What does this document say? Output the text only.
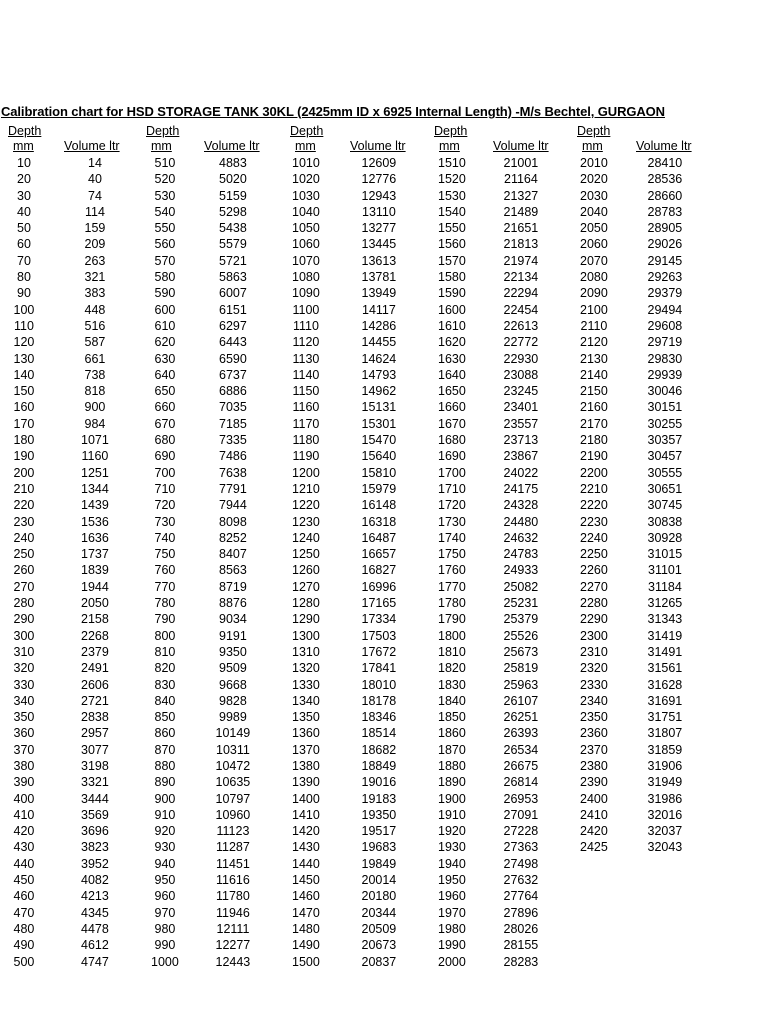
Calibration chart for HSD STORAGE TANK 30KL (2425mm ID x 6925 Internal Length) -M/s Bechtel, GURGAON
Depth
mm Volume ltr
10	14
20	40
30	74
40	114
50	159
60	209
70	263
80	321
90	383
100	448
110	516
120	587
130	661
140	738
150	818
160	900
170	984
180	1071
190	1160
200	1251
210	1344
220	1439
230	1536
240	1636
250	1737
260	1839
270	1944
280	2050
290	2158
300	2268
310	2379
320	2491
330	2606
340	2721
350	2838
360	2957
370	3077
380	3198
390	3321
400	3444
410	3569
420	3696
430	3823
440	3952
450	4082
460	4213
470	4345
480	4478
490	4612
500	4747
Depth
mm	Volume ltr
510	4883
520	5020
530	5159
540	5298
550	5438
560	5579
570	5721
580	5863
590	6007
600	6151
610	6297
620	6443
630	6590
640	6737
650	6886
660	7035
670	7185
680	7335
690	7486
700	7638
710	7791
720	7944
730	8098
740	8252
750	8407
760	8563
770	8719
780	8876
790	9034
800	9191
810	9350
820	9509
830	9668
840	9828
850	9989
860	10149
870	10311
880	10472
890	10635
900	10797
910	10960
920	11123
930	11287
940	11451
950	11616
960	11780
970	11946
980	12111
990	12277
1000	12443
Depth
mm	Volume ltr
1010	12609
1020	12776
1030	12943
1040	13110
1050	13277
1060	13445
1070	13613
1080	13781
1090	13949
1100	14117
1110	14286
1120	14455
1130	14624
1140	14793
1150	14962
1160	15131
1170	15301
1180	15470
1190	15640
1200	15810
1210	15979
1220	16148
1230	16318
1240	16487
1250	16657
1260	16827
1270	16996
1280	17165
1290	17334
1300	17503
1310	17672
1320	17841
1330	18010
1340	18178
1350	18346
1360	18514
1370	18682
1380	18849
1390	19016
1400	19183
1410	19350
1420	19517
1430	19683
1440	19849
1450	20014
1460	20180
1470	20344
1480	20509
1490	20673
1500	20837
Depth
mm	Volume ltr
1510	21001
1520	21164
1530	21327
1540	21489
1550	21651
1560	21813
1570	21974
1580	22134
1590	22294
1600	22454
1610	22613
1620	22772
1630	22930
1640	23088
1650	23245
1660	23401
1670	23557
1680	23713
1690	23867
1700	24022
1710	24175
1720	24328
1730	24480
1740	24632
1750	24783
1760	24933
1770	25082
1780	25231
1790	25379
1800	25526
1810	25673
1820	25819
1830	25963
1840	26107
1850	26251
1860	26393
1870	26534
1880	26675
1890	26814
1900	26953
1910	27091
1920	27228
1930	27363
1940	27498
1950	27632
1960	27764
1970	27896
1980	28026
1990	28155
2000	28283
Depth
mm	Volume ltr
2010	28410
2020	28536
2030	28660
2040	28783
2050	28905
2060	29026
2070	29145
2080	29263
2090	29379
2100	29494
2110	29608
2120	29719
2130	29830
2140	29939
2150	30046
2160	30151
2170	30255
2180	30357
2190	30457
2200	30555
2210	30651
2220	30745
2230	30838
2240	30928
2250	31015
2260	31101
2270	31184
2280	31265
2290	31343
2300	31419
2310	31491
2320	31561
2330	31628
2340	31691
2350	31751
2360	31807
2370	31859
2380	31906
2390	31949
2400	31986
2410	32016
2420	32037
2425	32043
